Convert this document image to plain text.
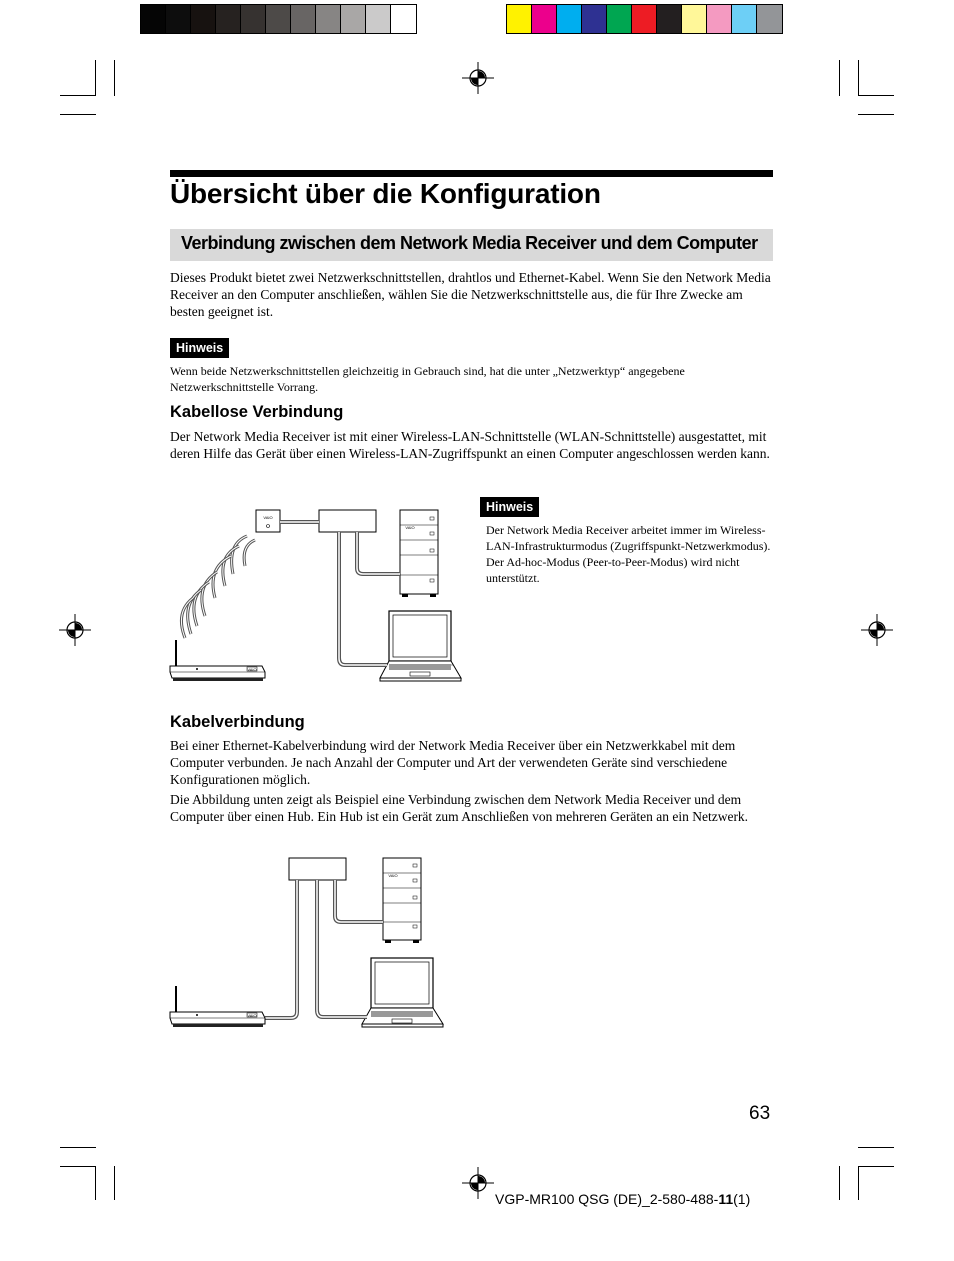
Übersicht über die Konfiguration
Verbindung zwischen dem Network Media Receiver und dem Computer
Dieses Produkt bietet zwei Netzwerkschnittstellen, drahtlos und Ethernet-Kabel. Wenn Sie den Network Media Receiver an den Computer anschließen, wählen Sie die Netzwerkschnittstelle aus, die für Ihre Zwecke am besten geeignet ist.
Hinweis
Wenn beide Netzwerkschnittstellen gleichzeitig in Gebrauch sind, hat die unter „Netzwerktyp“ angegebene Netzwerkschnittstelle Vorrang.
Kabellose Verbindung
Der Network Media Receiver ist mit einer Wireless-LAN-Schnittstelle (WLAN-Schnittstelle) ausgestattet, mit deren Hilfe das Gerät über einen Wireless-LAN-Zugriffspunkt an einen Computer angeschlossen werden kann.
Hinweis
Der Network Media Receiver arbeitet immer im Wireless-LAN-Infrastrukturmodus (Zugriffspunkt-Netzwerkmodus). Der Ad-hoc-Modus (Peer-to-Peer-Modus) wird nicht unterstützt.
VAIO
VAIO
VAIO
Kabelverbindung
Bei einer Ethernet-Kabelverbindung wird der Network Media Receiver über ein Netzwerkkabel mit dem Computer verbunden. Je nach Anzahl der Computer und Art der verwendeten Geräte sind verschiedene Konfigurationen möglich.
Die Abbildung unten zeigt als Beispiel eine Verbindung zwischen dem Network Media Receiver und dem Computer über einen Hub. Ein Hub ist ein Gerät zum Anschließen von mehreren Geräten an ein Netzwerk.
VAIO
VAIO
63
VGP-MR100 QSG (DE)_2-580-488-11(1)
